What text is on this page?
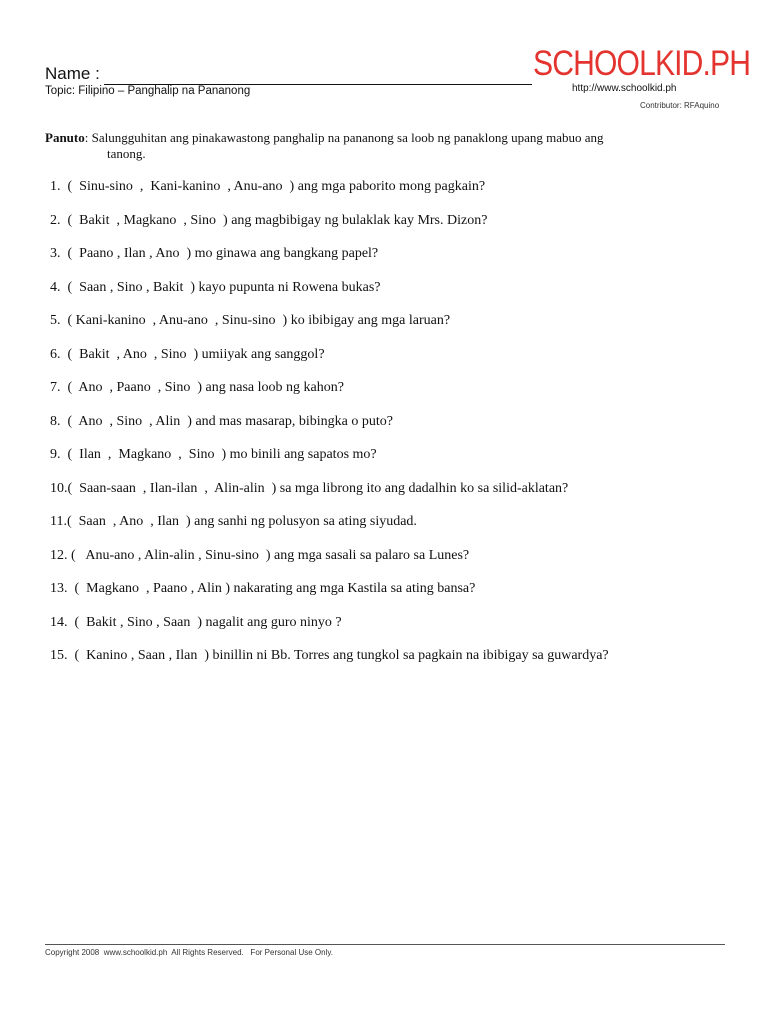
Name :
Topic: Filipino – Panghalip na Pananong
SCHOOLKID.PH
http://www.schoolkid.ph
Contributor: RFAquino
Panuto: Salungguhitan ang pinakawastong panghalip na pananong sa loob ng panaklong upang mabuo ang
tanong.
1.  (  Sinu-sino  ,  Kani-kanino  , Anu-ano  ) ang mga paborito mong pagkain?
2.  (  Bakit  , Magkano  , Sino  ) ang magbibigay ng bulaklak kay Mrs. Dizon?
3.  (  Paano , Ilan , Ano  ) mo ginawa ang bangkang papel?
4.  (  Saan , Sino , Bakit  ) kayo pupunta ni Rowena bukas?
5.  ( Kani-kanino  , Anu-ano  , Sinu-sino  ) ko ibibigay ang mga laruan?
6.  (  Bakit  , Ano  , Sino  ) umiiyak ang sanggol?
7.  (  Ano  , Paano  , Sino  ) ang nasa loob ng kahon?
8.  (  Ano  , Sino  , Alin  ) and mas masarap, bibingka o puto?
9.  (  Ilan  ,  Magkano  ,  Sino  ) mo binili ang sapatos mo?
10.(  Saan-saan  , Ilan-ilan  ,  Alin-alin  ) sa mga librong ito ang dadalhin ko sa silid-aklatan?
11.(  Saan  , Ano  , Ilan  ) ang sanhi ng polusyon sa ating siyudad.
12. (   Anu-ano , Alin-alin , Sinu-sino  ) ang mga sasali sa palaro sa Lunes?
13.  (  Magkano  , Paano , Alin ) nakarating ang mga Kastila sa ating bansa?
14.  (  Bakit , Sino , Saan  ) nagalit ang guro ninyo ?
15.  (  Kanino , Saan , Ilan  ) binillin ni Bb. Torres ang tungkol sa pagkain na ibibigay sa guwardya?
Copyright 2008  www.schoolkid.ph  All Rights Reserved.   For Personal Use Only.
